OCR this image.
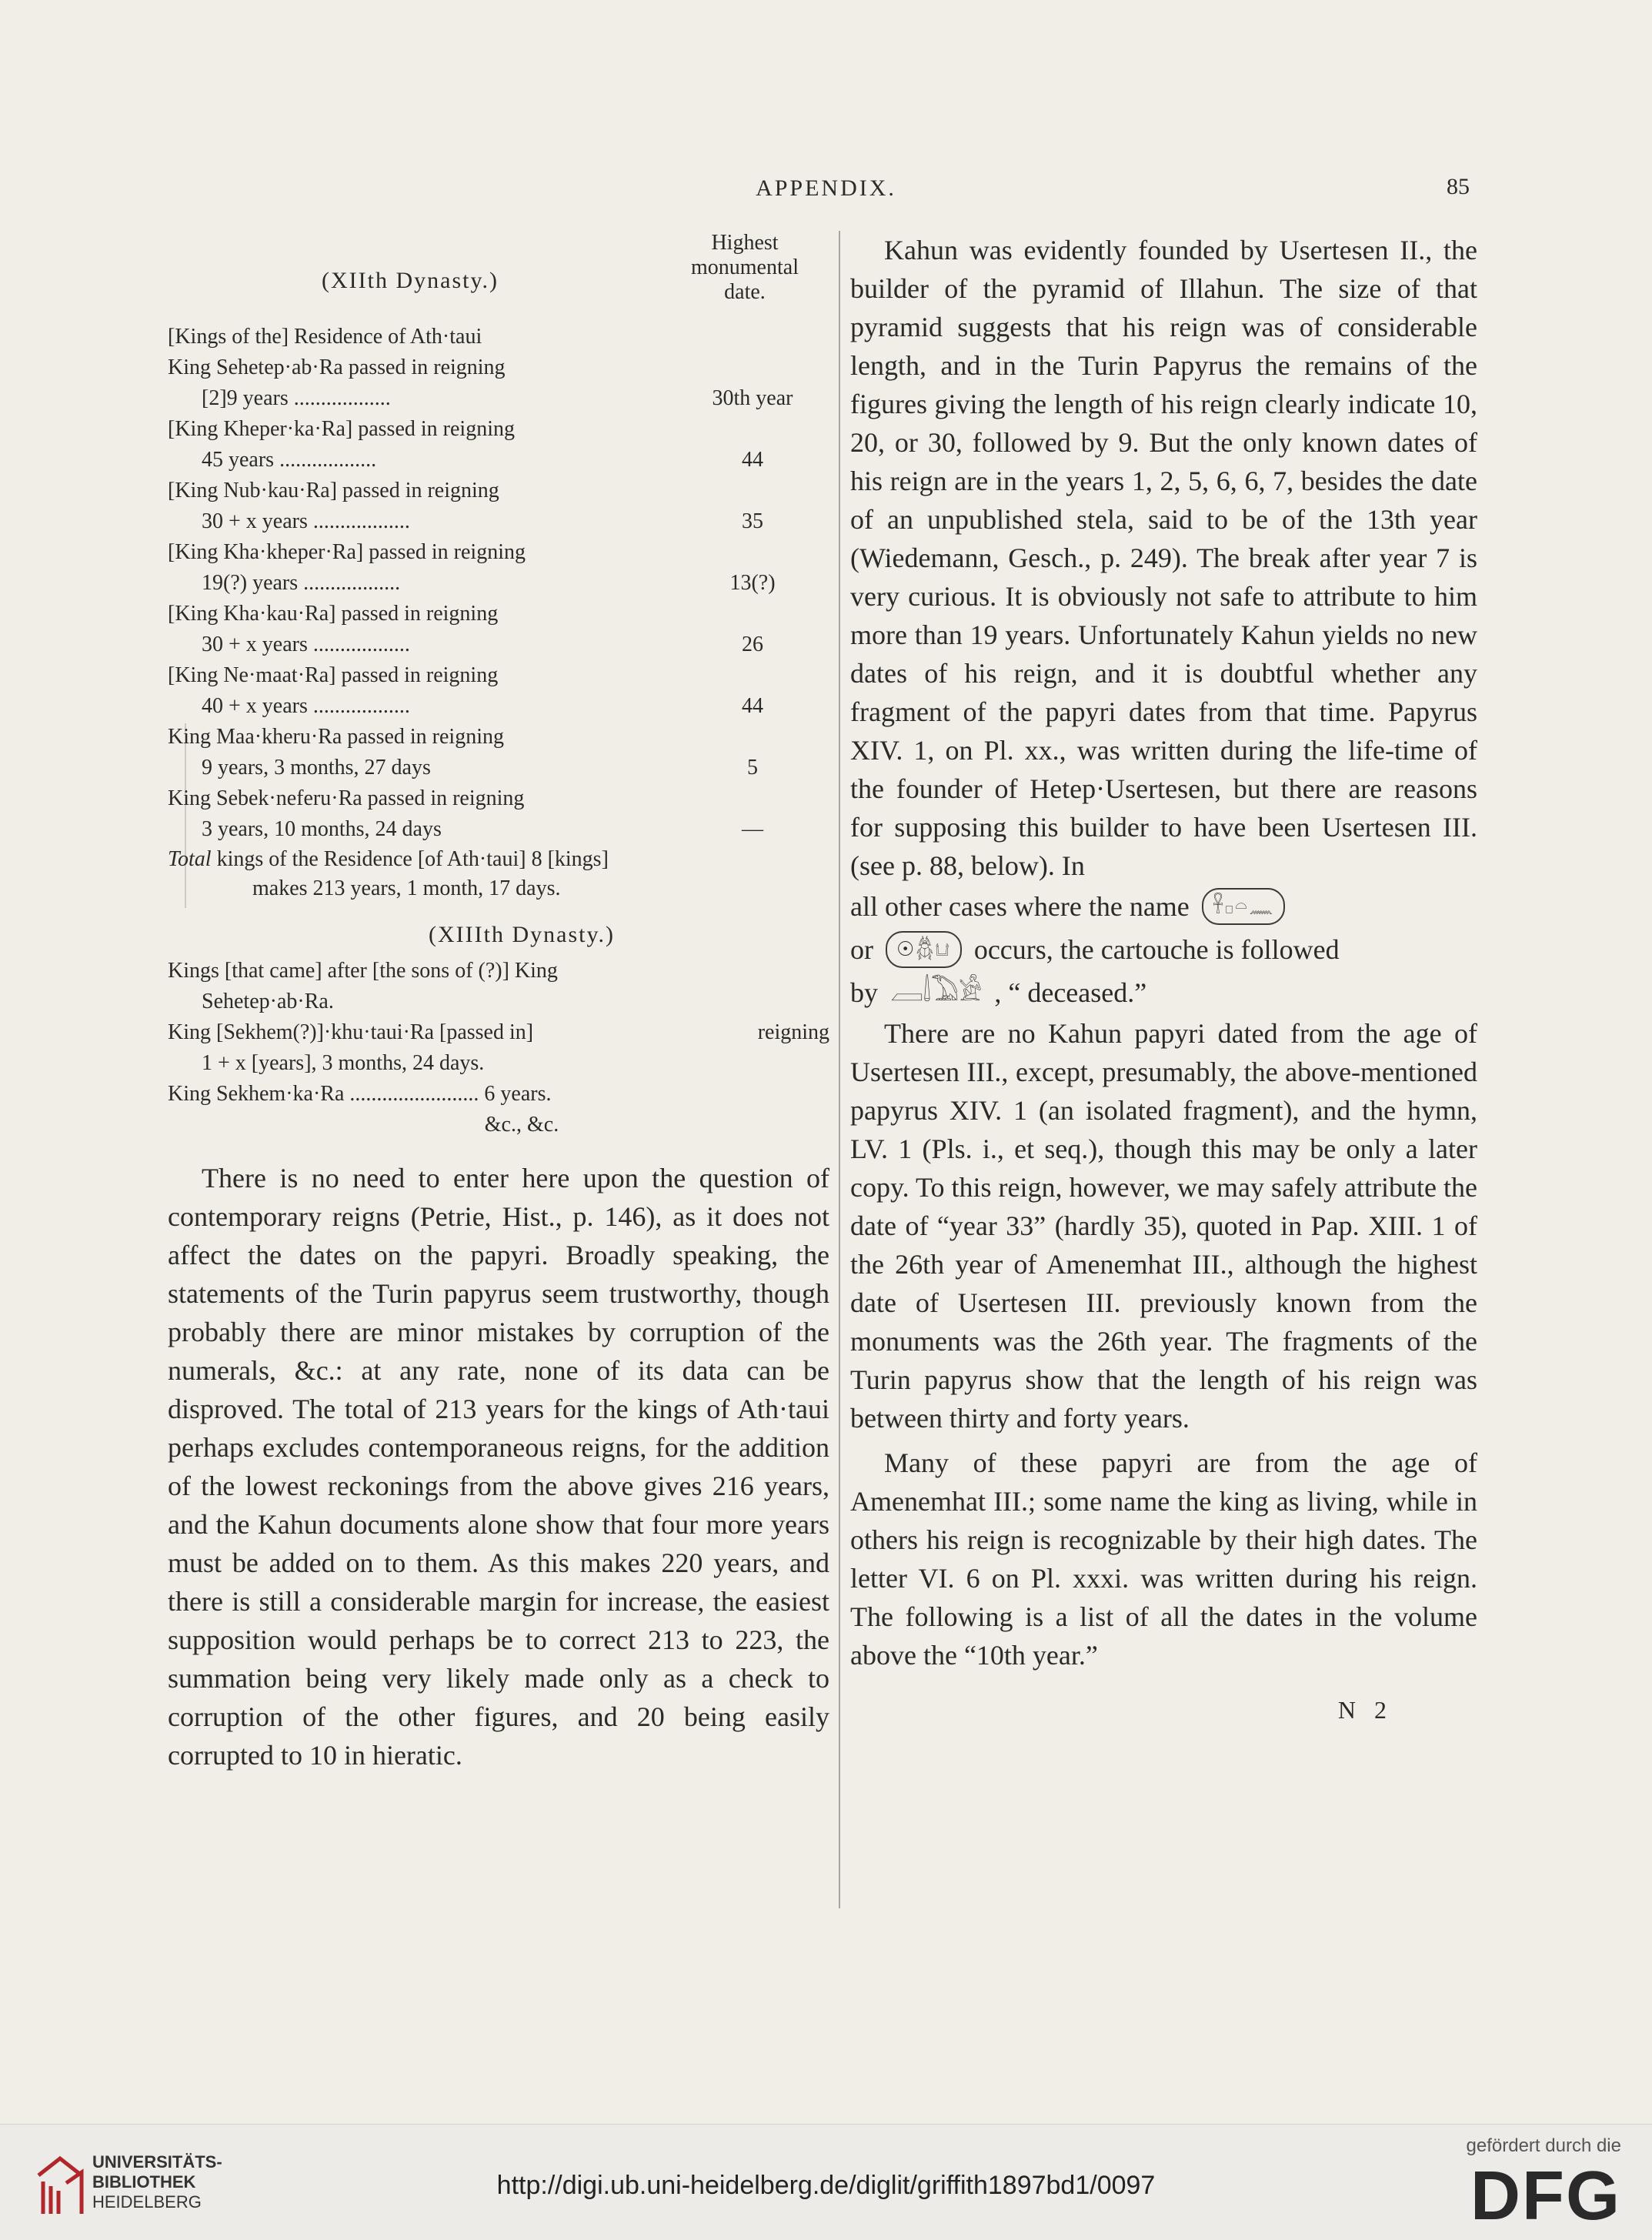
APPENDIX.	85
(XIIth Dynasty.)
Highest
monumental
date.
[Kings of the] Residence of Ath·taui
King Sehetep·ab·Ra passed in reigning
[2]9 years ..................	30th year
[King Kheper·ka·Ra] passed in reigning
45 years ..................	44
[King Nub·kau·Ra] passed in reigning
30 + x years ..................	35
[King Kha·kheper·Ra] passed in reigning
19(?) years ..................	13(?)
[King Kha·kau·Ra] passed in reigning
30 + x years ..................	26
[King Ne·maat·Ra] passed in reigning
40 + x years ..................	44
King Maa·kheru·Ra passed in reigning
9 years, 3 months, 27 days	5
King Sebek·neferu·Ra passed in reigning
3 years, 10 months, 24 days	—
Total kings of the Residence [of Ath·taui] 8 [kings]
makes 213 years, 1 month, 17 days.
(XIIIth Dynasty.)
Kings [that came] after [the sons of (?)] King
Sehetep·ab·Ra.
King [Sekhem(?)]·khu·taui·Ra [passed in]	reigning
1 + x [years], 3 months, 24 days.
King Sekhem·ka·Ra ........................ 6 years.
&c., &c.

There is no need to enter here upon the question of contemporary reigns (Petrie, Hist., p. 146), as it does not affect the dates on the papyri. Broadly speaking, the statements of the Turin papyrus seem trustworthy, though probably there are minor mistakes by corruption of the numerals, &c.: at any rate, none of its data can be disproved. The total of 213 years for the kings of Ath·taui perhaps excludes contemporaneous reigns, for the addition of the lowest reckonings from the above gives 216 years, and the Kahun documents alone show that four more years must be added on to them. As this makes 220 years, and there is still a considerable margin for increase, the easiest supposition would perhaps be to correct 213 to 223, the summation being very likely made only as a check to corruption of the other figures, and 20 being easily corrupted to 10 in hieratic.

Kahun was evidently founded by Usertesen II., the builder of the pyramid of Illahun. The size of that pyramid suggests that his reign was of considerable length, and in the Turin Papyrus the remains of the figures giving the length of his reign clearly indicate 10, 20, or 30, followed by 9. But the only known dates of his reign are in the years 1, 2, 5, 6, 6, 7, besides the date of an unpublished stela, said to be of the 13th year (Wiedemann, Gesch., p. 249). The break after year 7 is very curious. It is obviously not safe to attribute to him more than 19 years. Unfortunately Kahun yields no new dates of his reign, and it is doubtful whether any fragment of the papyri dates from that time. Papyrus XIV. 1, on Pl. xx., was written during the life-time of the founder of Hetep·Usertesen, but there are reasons for supposing this builder to have been Usertesen III. (see p. 88, below). In

all other cases where the name	𓋹𓊪𓏏𓈖
or	☉𓆣𓂓 occurs, the cartouche is followed
by 𓐙𓌃𓅐𓀀 , “ deceased.”

There are no Kahun papyri dated from the age of Usertesen III., except, presumably, the above-mentioned papyrus XIV. 1 (an isolated fragment), and the hymn, LV. 1 (Pls. i., et seq.), though this may be only a later copy. To this reign, however, we may safely attribute the date of “year 33” (hardly 35), quoted in Pap. XIII. 1 of the 26th year of Amenemhat III., although the highest date of Usertesen III. previously known from the monuments was the 26th year. The fragments of the Turin papyrus show that the length of his reign was between thirty and forty years.

Many of these papyri are from the age of Amenemhat III.; some name the king as living, while in others his reign is recognizable by their high dates. The letter VI. 6 on Pl. xxxi. was written during his reign. The following is a list of all the dates in the volume above the “10th year.”

N 2
UNIVERSITÄTS-
BIBLIOTHEK
HEIDELBERG
http://digi.ub.uni-heidelberg.de/diglit/griffith1897bd1/0097
gefördert durch die
DFG
